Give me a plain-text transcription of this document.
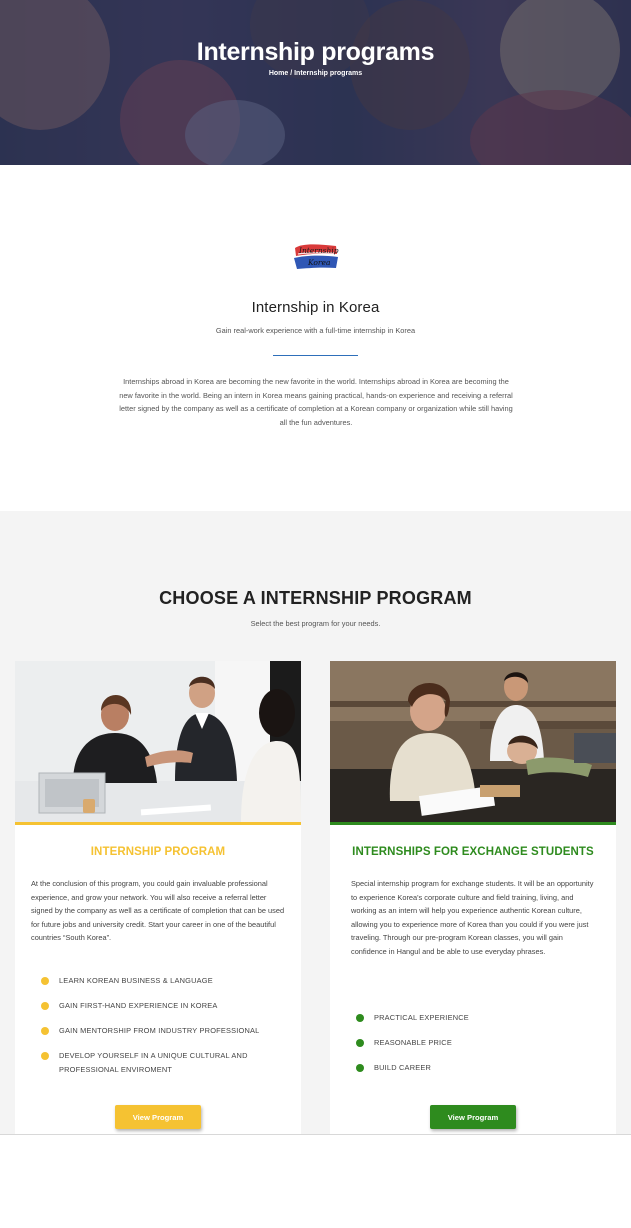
Internship programs
Home / Internship programs
Internship
Korea
Internship in Korea

Gain real-work experience with a full-time internship in Korea

Internships abroad in Korea are becoming the new favorite in the world. Internships abroad in Korea are becoming the new favorite in the world. Being an intern in Korea means gaining practical, hands-on experience and receiving a referral letter signed by the company as well as a certificate of completion at a Korean company or organization while still having all the fun adventures.

CHOOSE A INTERNSHIP PROGRAM

Select the best program for your needs.

INTERNSHIP PROGRAM

At the conclusion of this program, you could gain invaluable professional experience, and grow your network. You will also receive a referral letter signed by the company as well as a certificate of completion that can be used for future jobs and university credit. Start your career in one of the beautiful countries “South Korea”.

LEARN KOREAN BUSINESS & LANGUAGE
GAIN FIRST-HAND EXPERIENCE IN KOREA
GAIN MENTORSHIP FROM INDUSTRY PROFESSIONAL
DEVELOP YOURSELF IN A UNIQUE CULTURAL AND PROFESSIONAL ENVIROMENT
View Program
INTERNSHIPS FOR EXCHANGE STUDENTS

Special internship program for exchange students. It will be an opportunity to experience Korea's corporate culture and field training, living, and working as an intern will help you experience authentic Korean culture, allowing you to experience more of Korea than you could if you were just traveling. Through our pre-program Korean classes, you will gain confidence in Hangul and be able to use everyday phrases.

PRACTICAL EXPERIENCE
REASONABLE PRICE
BUILD CAREER
View Program
